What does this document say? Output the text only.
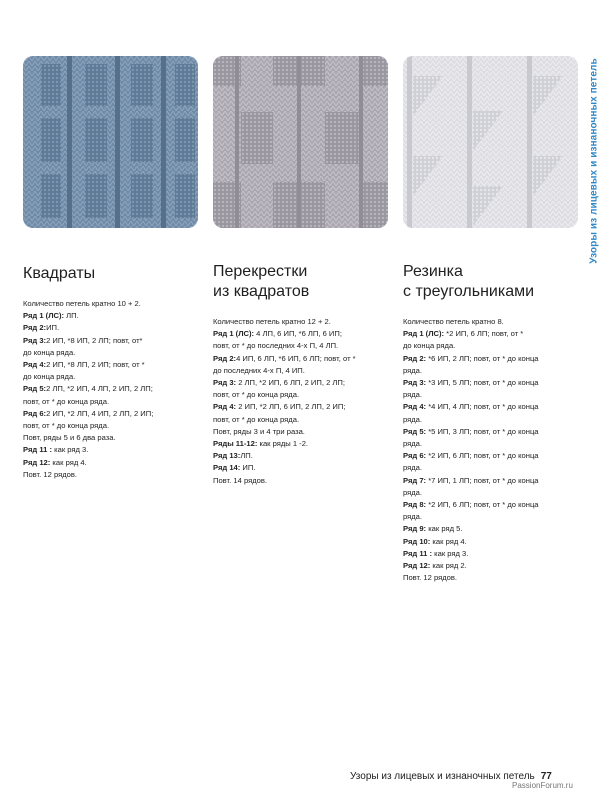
Квадраты
Количество петель кратно 10 + 2.
Ряд 1 (ЛС): ЛП.
Ряд 2:ИП.
Ряд 3:2 ИП, *8 ИП, 2 ЛП; повт, от*
до конца ряда.
Ряд 4:2 ИП, *8 ЛП, 2 ИП; повт, от *
до конца ряда.
Ряд 5:2 ЛП, *2 ИП, 4 ЛП, 2 ИП, 2 ЛП;
повт, от * до конца ряда.
Ряд 6:2 ИП, *2 ЛП, 4 ИП, 2 ЛП, 2 ИП;
повт, от * до конца ряда.
Повт, ряды 5 и 6 два раза.
Ряд 11 : как ряд 3.
Ряд 12: как ряд 4.
Повт. 12 рядов.
Перекрестки
из квадратов
Количество петель кратно 12 + 2.
Ряд 1 (ЛС): 4 ЛП, 6 ИП, *6 ЛП, 6 ИП;
повт, от * до последних 4-х П, 4 ЛП.
Ряд 2:4 ИП, 6 ЛП, *6 ИП, 6 ЛП; повт, от *
до последних 4-х П, 4 ИП.
Ряд 3: 2 ЛП, *2 ИП, 6 ЛП, 2 ИП, 2 ЛП;
повт, от * до конца ряда.
Ряд 4: 2 ИП, *2 ЛП, 6 ИП, 2 ЛП, 2 ИП;
повт, от * до конца ряда.
Повт, ряды 3 и 4 три раза.
Ряды 11-12: как ряды 1 -2.
Ряд 13:ЛП.
Ряд 14: ИП.
Повт. 14 рядов.
Резинка
с треугольниками
Количество петель кратно 8.
Ряд 1 (ЛС): *2 ИП, 6 ЛП; повт, от *
до конца ряда.
Ряд 2: *6 ИП, 2 ЛП; повт, от * до конца
ряда.
Ряд 3: *3 ИП, 5 ЛП; повт, от * до конца
ряда.
Ряд 4: *4 ИП, 4 ЛП; повт, от * до конца
ряда.
Ряд 5: *5 ИП, 3 ЛП; повт, от * до конца
ряда.
Ряд 6: *2 ИП, 6 ЛП; повт, от * до конца
ряда.
Ряд 7: *7 ИП, 1 ЛП; повт, от * до конца
ряда.
Ряд 8: *2 ИП, 6 ЛП; повт, от * до конца
ряда.
Ряд 9: как ряд 5.
Ряд 10: как ряд 4.
Ряд 11 : как ряд 3.
Ряд 12: как ряд 2.
Повт. 12 рядов.
Узоры из лицевых и изнаночных петель
Узоры из лицевых и изнаночных петель 77
PassionForum.ru
